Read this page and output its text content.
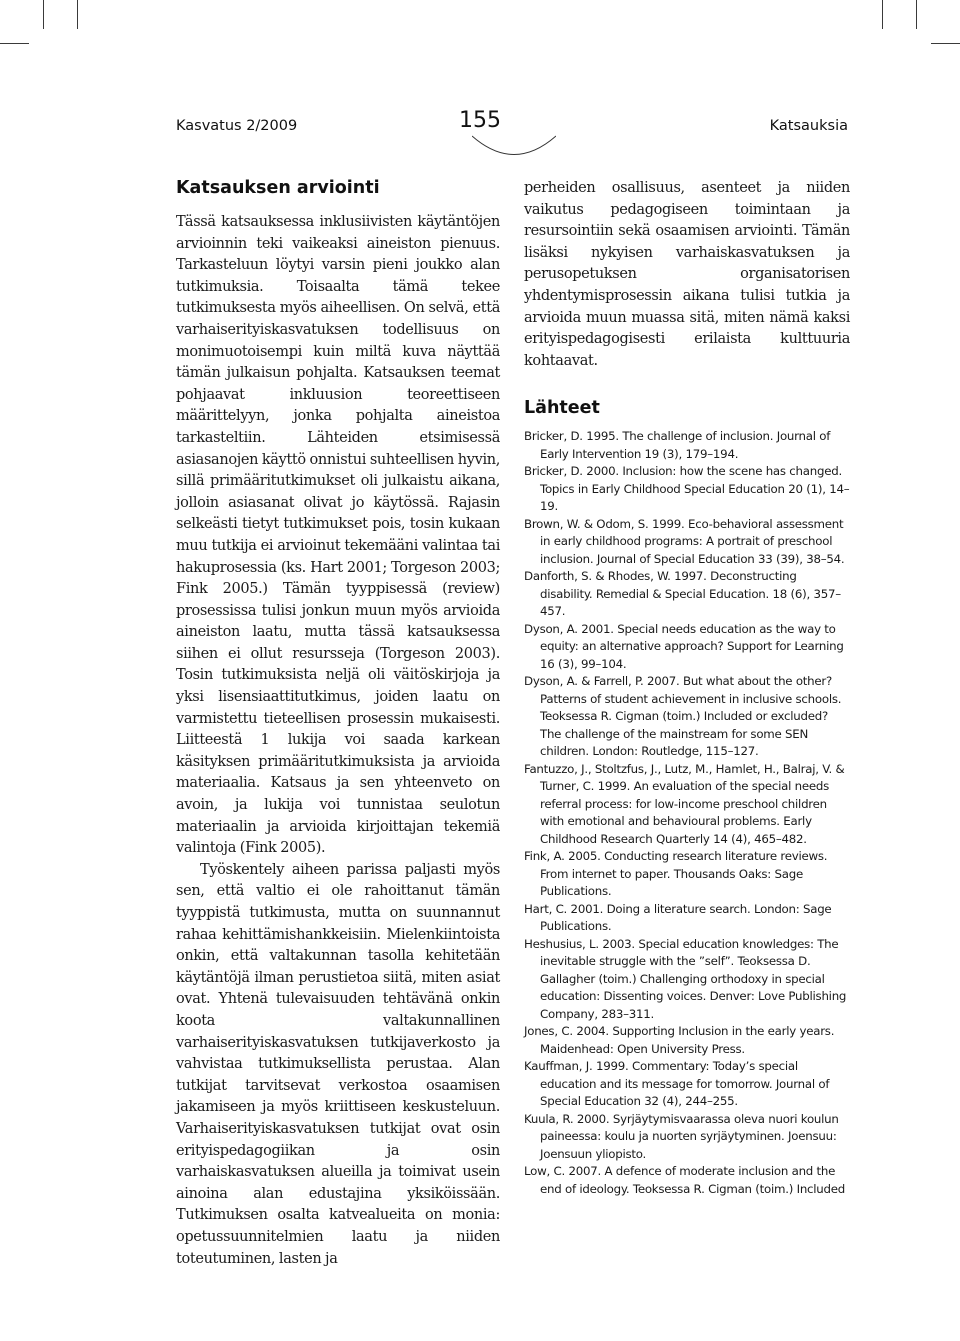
Kasvatus 2/2009	155	Katsauksia
Katsauksen arviointi

Tässä katsauksessa inklusiivisten käytäntöjen arvioinnin teki vaikeaksi aineiston pienuus. Tarkasteluun löytyi varsin pieni joukko alan tutkimuksia. Toisaalta tämä tekee tutkimuksesta myös aiheellisen. On selvä, että varhaiserityiskasvatuksen todellisuus on monimuotoisempi kuin miltä kuva näyttää tämän julkaisun pohjalta. Katsauksen teemat pohjaavat inkluusion teoreettiseen määrittelyyn, jonka pohjalta aineistoa tarkasteltiin. Lähteiden etsimisessä asiasanojen käyttö onnistui suhteellisen hyvin, sillä primääritutkimukset oli julkaistu aikana, jolloin asiasanat olivat jo käytössä. Rajasin selkeästi tietyt tutkimukset pois, tosin kukaan muu tutkija ei arvioinut tekemääni valintaa tai hakuprosessia (ks. Hart 2001; Torgeson 2003; Fink 2005.) Tämän tyyppisessä (review) prosessissa tulisi jonkun muun myös arvioida aineiston laatu, mutta tässä katsauksessa siihen ei ollut resursseja (Torgeson 2003). Tosin tutkimuksista neljä oli väitöskirjoja ja yksi lisensiaattitutkimus, joiden laatu on varmistettu tieteellisen prosessin mukaisesti. Liitteestä 1 lukija voi saada karkean käsityksen primääritutkimuksista ja arvioida materiaalia. Katsaus ja sen yhteenveto on avoin, ja lukija voi tunnistaa seulotun materiaalin ja arvioida kirjoittajan tekemiä valintoja (Fink 2005).

Työskentely aiheen parissa paljasti myös sen, että valtio ei ole rahoittanut tämän tyyppistä tutkimusta, mutta on suunnannut rahaa kehittämishankkeisiin. Mielenkiintoista onkin, että valtakunnan tasolla kehitetään käytäntöjä ilman perustietoa siitä, miten asiat ovat. Yhtenä tulevaisuuden tehtävänä onkin koota valtakunnallinen varhaiserityiskasvatuksen tutkijaverkosto ja vahvistaa tutkimuksellista perustaa. Alan tutkijat tarvitsevat verkostoa osaamisen jakamiseen ja myös kriittiseen keskusteluun. Varhaiserityiskasvatuksen tutkijat ovat osin erityispedagogiikan ja osin varhaiskasvatuksen alueilla ja toimivat usein ainoina alan edustajina yksiköissään. Tutkimuksen osalta katvealueita on monia: opetussuunnitelmien laatu ja niiden toteutuminen, lasten ja

perheiden osallisuus, asenteet ja niiden vaikutus pedagogiseen toimintaan ja resursointiin sekä osaamisen arviointi. Tämän lisäksi nykyisen varhaiskasvatuksen ja perusopetuksen organisatorisen yhdentymisprosessin aikana tulisi tutkia ja arvioida muun muassa sitä, miten nämä kaksi erityispedagogisesti erilaista kulttuuria kohtaavat.

Lähteet

Bricker, D. 1995. The challenge of inclusion. Journal of Early Intervention 19 (3), 179–194.

Bricker, D. 2000. Inclusion: how the scene has changed. Topics in Early Childhood Special Education 20 (1), 14–19.

Brown, W. & Odom, S. 1999. Eco-behavioral assessment in early childhood programs: A portrait of preschool inclusion. Journal of Special Education 33 (39), 38–54.

Danforth, S. & Rhodes, W. 1997. Deconstructing disability. Remedial & Special Education. 18 (6), 357–457.

Dyson, A. 2001. Special needs education as the way to equity: an alternative approach? Support for Learning 16 (3), 99–104.

Dyson, A. & Farrell, P. 2007. But what about the other? Patterns of student achievement in inclusive schools. Teoksessa R. Cigman (toim.) Included or excluded? The challenge of the mainstream for some SEN children. London: Routledge, 115–127.

Fantuzzo, J., Stoltzfus, J., Lutz, M., Hamlet, H., Balraj, V. & Turner, C. 1999. An evaluation of the special needs referral process: for low-income preschool children with emotional and behavioural problems. Early Childhood Research Quarterly 14 (4), 465–482.

Fink, A. 2005. Conducting research literature reviews. From internet to paper. Thousands Oaks: Sage Publications.

Hart, C. 2001. Doing a literature search. London: Sage Publications.

Heshusius, L. 2003. Special education knowledges: The inevitable struggle with the ”self”. Teoksessa D. Gallagher (toim.) Challenging orthodoxy in special education: Dissenting voices. Denver: Love Publishing Company, 283–311.

Jones, C. 2004. Supporting Inclusion in the early years. Maidenhead: Open University Press.

Kauffman, J. 1999. Commentary: Today’s special education and its message for tomorrow. Journal of Special Education 32 (4), 244–255.

Kuula, R. 2000. Syrjäytymisvaarassa oleva nuori koulun paineessa: koulu ja nuorten syrjäytyminen. Joensuu: Joensuun yliopisto.

Low, C. 2007. A defence of moderate inclusion and the end of ideology. Teoksessa R. Cigman (toim.) Included
